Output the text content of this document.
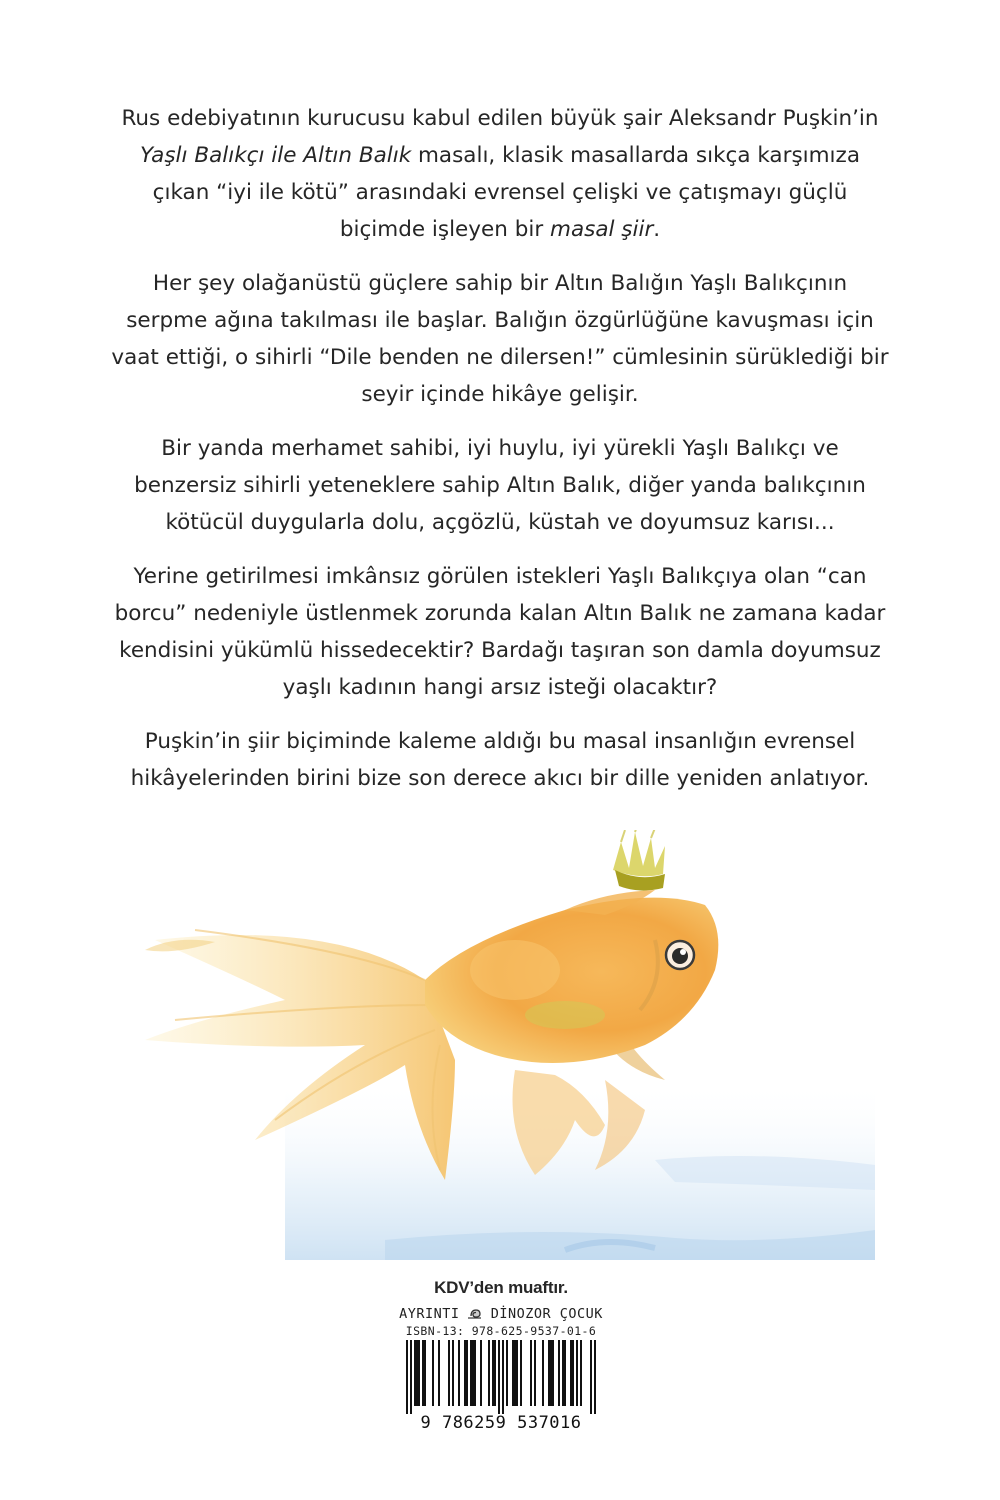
Rus edebiyatının kurucusu kabul edilen büyük şair Aleksandr Puşkin’in Yaşlı Balıkçı ile Altın Balık masalı, klasik masallarda sıkça karşımıza çıkan “iyi ile kötü” arasındaki evrensel çelişki ve çatışmayı güçlü biçimde işleyen bir masal şiir.

Her şey olağanüstü güçlere sahip bir Altın Balığın Yaşlı Balıkçının serpme ağına takılması ile başlar. Balığın özgürlüğüne kavuşması için vaat ettiği, o sihirli “Dile benden ne dilersen!” cümlesinin sürüklediği bir seyir içinde hikâye gelişir.

Bir yanda merhamet sahibi, iyi huylu, iyi yürekli Yaşlı Balıkçı ve benzersiz sihirli yeteneklere sahip Altın Balık, diğer yanda balıkçının kötücül duygularla dolu, açgözlü, küstah ve doyumsuz karısı...

Yerine getirilmesi imkânsız görülen istekleri Yaşlı Balıkçıya olan “can borcu” nedeniyle üstlenmek zorunda kalan Altın Balık ne zamana kadar kendisini yükümlü hissedecektir? Bardağı taşıran son damla doyumsuz yaşlı kadının hangi arsız isteği olacaktır?

Puşkin’in şiir biçiminde kaleme aldığı bu masal insanlığın evrensel hikâyelerinden birini bize son derece akıcı bir dille yeniden anlatıyor.

KDV’den muaftır.
AYRINTI DİNOZOR ÇOCUK
ISBN-13: 978-625-9537-01-6
9 786259 537016
